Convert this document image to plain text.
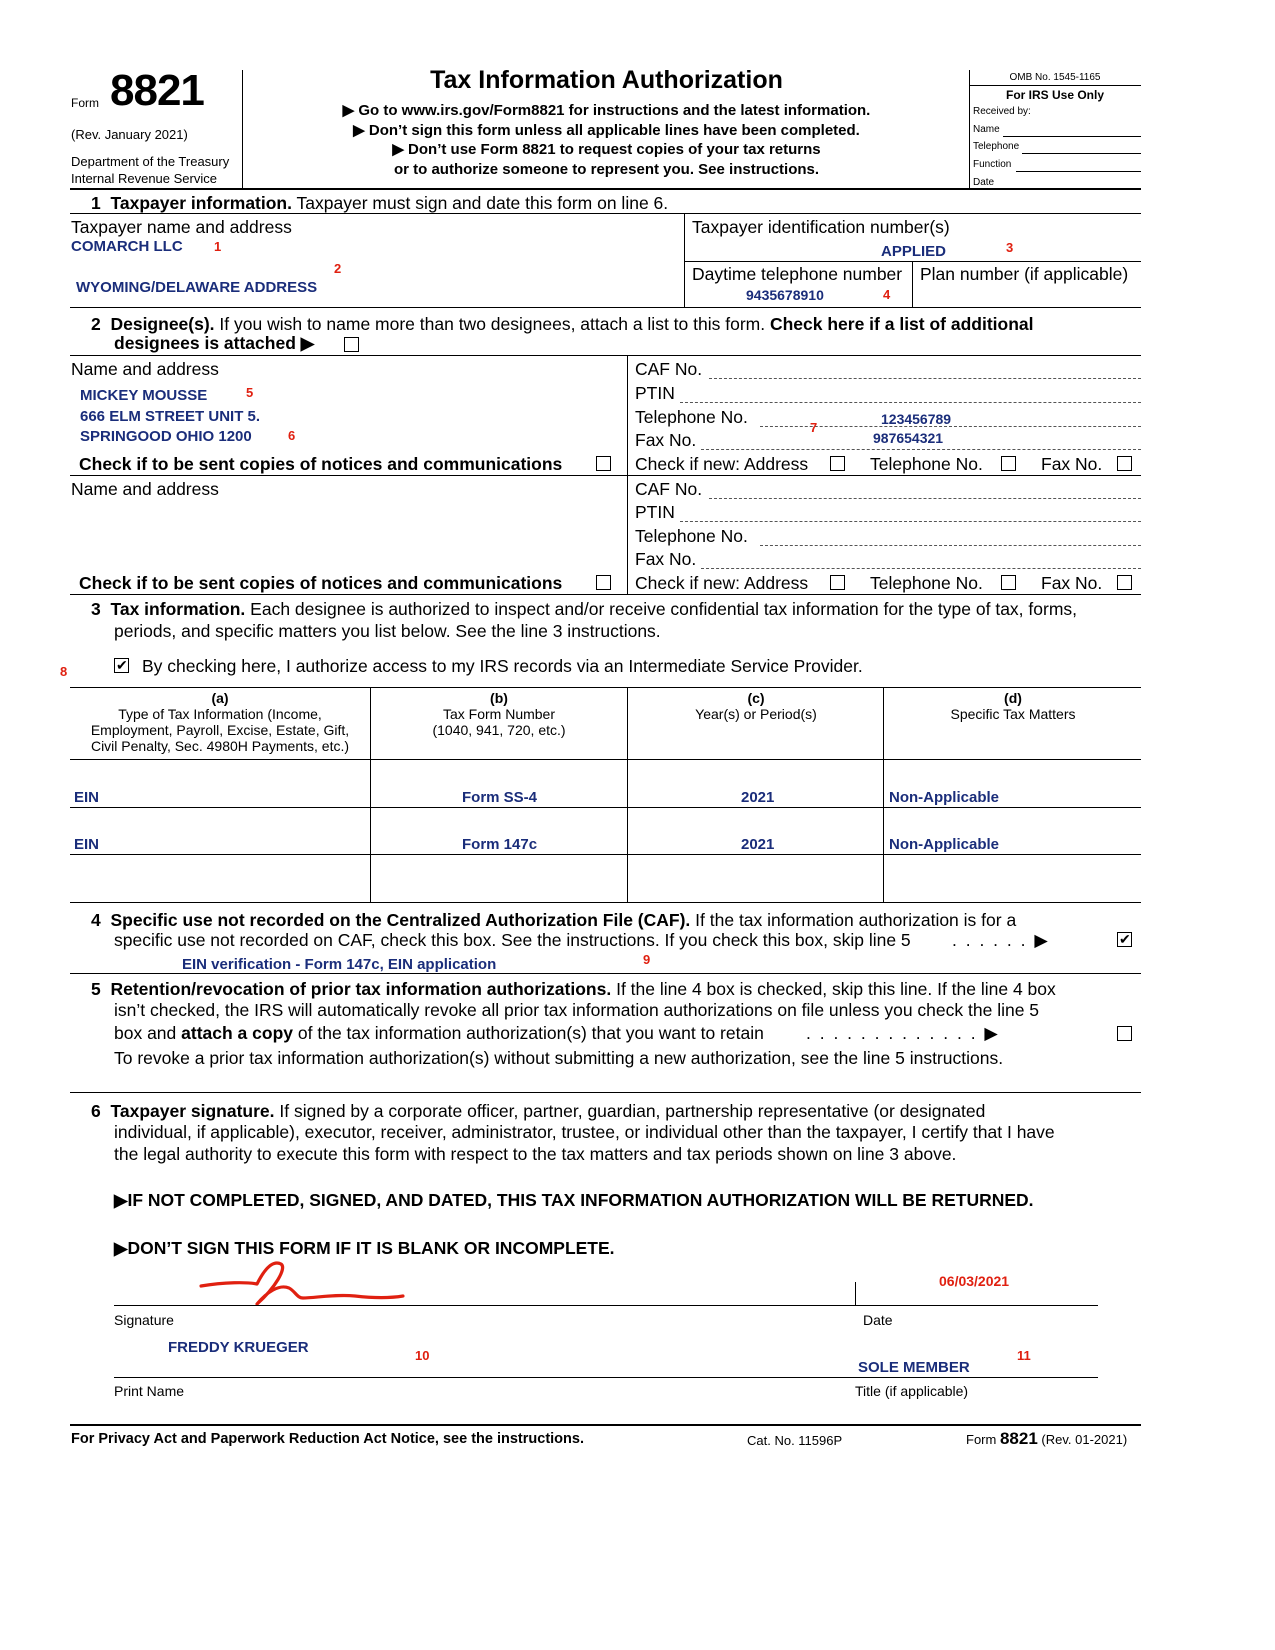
Form 8821
(Rev. January 2021)
Department of the Treasury
Internal Revenue Service
Tax Information Authorization
▶ Go to www.irs.gov/Form8821 for instructions and the latest information.
▶ Don’t sign this form unless all applicable lines have been completed.
▶ Don’t use Form 8821 to request copies of your tax returns
or to authorize someone to represent you. See instructions.
OMB No. 1545-1165
For IRS Use Only
Received by:
Name
Telephone
Function
Date
1 Taxpayer information. Taxpayer must sign and date this form on line 6.
Taxpayer name and address
COMARCH LLC
WYOMING/DELAWARE ADDRESS
Taxpayer identification number(s)
APPLIED
Daytime telephone number
9435678910
Plan number (if applicable)
2 Designee(s). If you wish to name more than two designees, attach a list to this form. Check here if a list of additional
designees is attached ▶
Name and address
MICKEY MOUSSE
666 ELM STREET UNIT 5.
SPRINGOOD OHIO 1200
Check if to be sent copies of notices and communications
CAF No.
PTIN
Telephone No.	123456789
Fax No.	987654321
Check if new: Address	Telephone No.	Fax No.
Name and address
Check if to be sent copies of notices and communications
CAF No.
PTIN
Telephone No.
Fax No.
Check if new: Address	Telephone No.	Fax No.
3 Tax information. Each designee is authorized to inspect and/or receive confidential tax information for the type of tax, forms,
periods, and specific matters you list below. See the line 3 instructions.
✔
By checking here, I authorize access to my IRS records via an Intermediate Service Provider.
(a)
Type of Tax Information (Income,
Employment, Payroll, Excise, Estate, Gift,
Civil Penalty, Sec. 4980H Payments, etc.)
(b)
Tax Form Number
(1040, 941, 720, etc.)
(c)
Year(s) or Period(s)
(d)
Specific Tax Matters
EIN	Form SS-4	2021	Non-Applicable
EIN	Form 147c	2021	Non-Applicable
4 Specific use not recorded on the Centralized Authorization File (CAF). If the tax information authorization is for a
specific use not recorded on CAF, check this box. See the instructions. If you check this box, skip line 5 . . . . . . ▶
✔
EIN verification - Form 147c, EIN application
5 Retention/revocation of prior tax information authorizations. If the line 4 box is checked, skip this line. If the line 4 box
isn’t checked, the IRS will automatically revoke all prior tax information authorizations on file unless you check the line 5
box and attach a copy of the tax information authorization(s) that you want to retain . . . . . . . . . . . . . ▶
To revoke a prior tax information authorization(s) without submitting a new authorization, see the line 5 instructions.
6 Taxpayer signature. If signed by a corporate officer, partner, guardian, partnership representative (or designated
individual, if applicable), executor, receiver, administrator, trustee, or individual other than the taxpayer, I certify that I have
the legal authority to execute this form with respect to the tax matters and tax periods shown on line 3 above.
▶IF NOT COMPLETED, SIGNED, AND DATED, THIS TAX INFORMATION AUTHORIZATION WILL BE RETURNED.
▶DON’T SIGN THIS FORM IF IT IS BLANK OR INCOMPLETE.
06/03/2021
Signature	Date
FREDDY KRUEGER
SOLE MEMBER
Print Name	Title (if applicable)
1
2
3
4
5
6
7
8
9
10	11
For Privacy Act and Paperwork Reduction Act Notice, see the instructions.	Cat. No. 11596P	Form 8821 (Rev. 01-2021)
